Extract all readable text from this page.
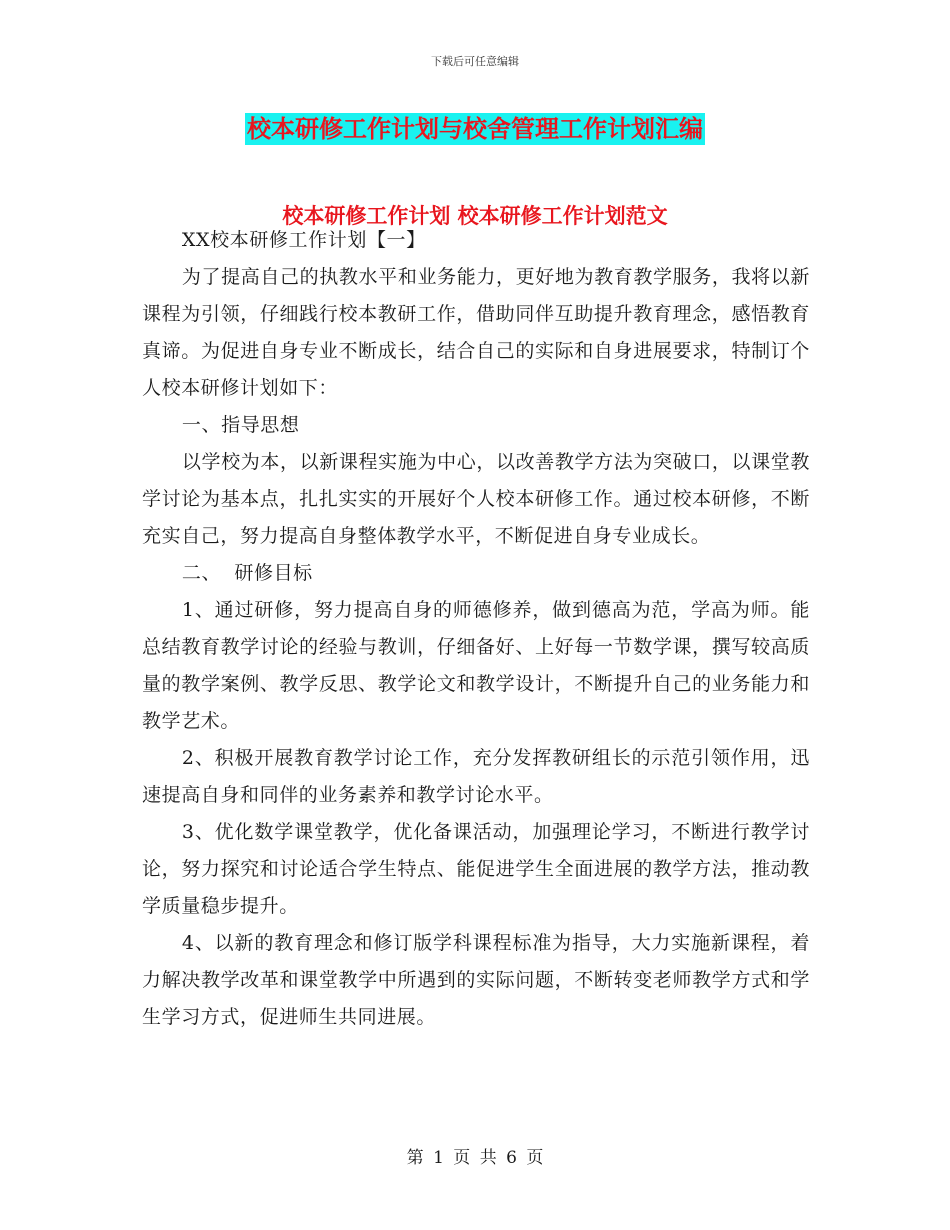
下载后可任意编辑
校本研修工作计划与校舍管理工作计划汇编
校本研修工作计划 校本研修工作计划范文

XX校本研修工作计划【一】

为了提高自己的执教水平和业务能力，更好地为教育教学服务，我将以新课程为引领，仔细践行校本教研工作，借助同伴互助提升教育理念，感悟教育真谛。为促进自身专业不断成长，结合自己的实际和自身进展要求，特制订个人校本研修计划如下：

一、指导思想

以学校为本，以新课程实施为中心，以改善教学方法为突破口，以课堂教学讨论为基本点，扎扎实实的开展好个人校本研修工作。通过校本研修，不断充实自己，努力提高自身整体教学水平，不断促进自身专业成长。

二、  研修目标

1、通过研修，努力提高自身的师德修养，做到德高为范，学高为师。能总结教育教学讨论的经验与教训，仔细备好、上好每一节数学课，撰写较高质量的教学案例、教学反思、教学论文和教学设计，不断提升自己的业务能力和教学艺术。

2、积极开展教育教学讨论工作，充分发挥教研组长的示范引领作用，迅速提高自身和同伴的业务素养和教学讨论水平。

3、优化数学课堂教学，优化备课活动，加强理论学习，不断进行教学讨论，努力探究和讨论适合学生特点、能促进学生全面进展的教学方法，推动教学质量稳步提升。

4、以新的教育理念和修订版学科课程标准为指导，大力实施新课程，着力解决教学改革和课堂教学中所遇到的实际问题，不断转变老师教学方式和学生学习方式，促进师生共同进展。

第 1 页 共 6 页
